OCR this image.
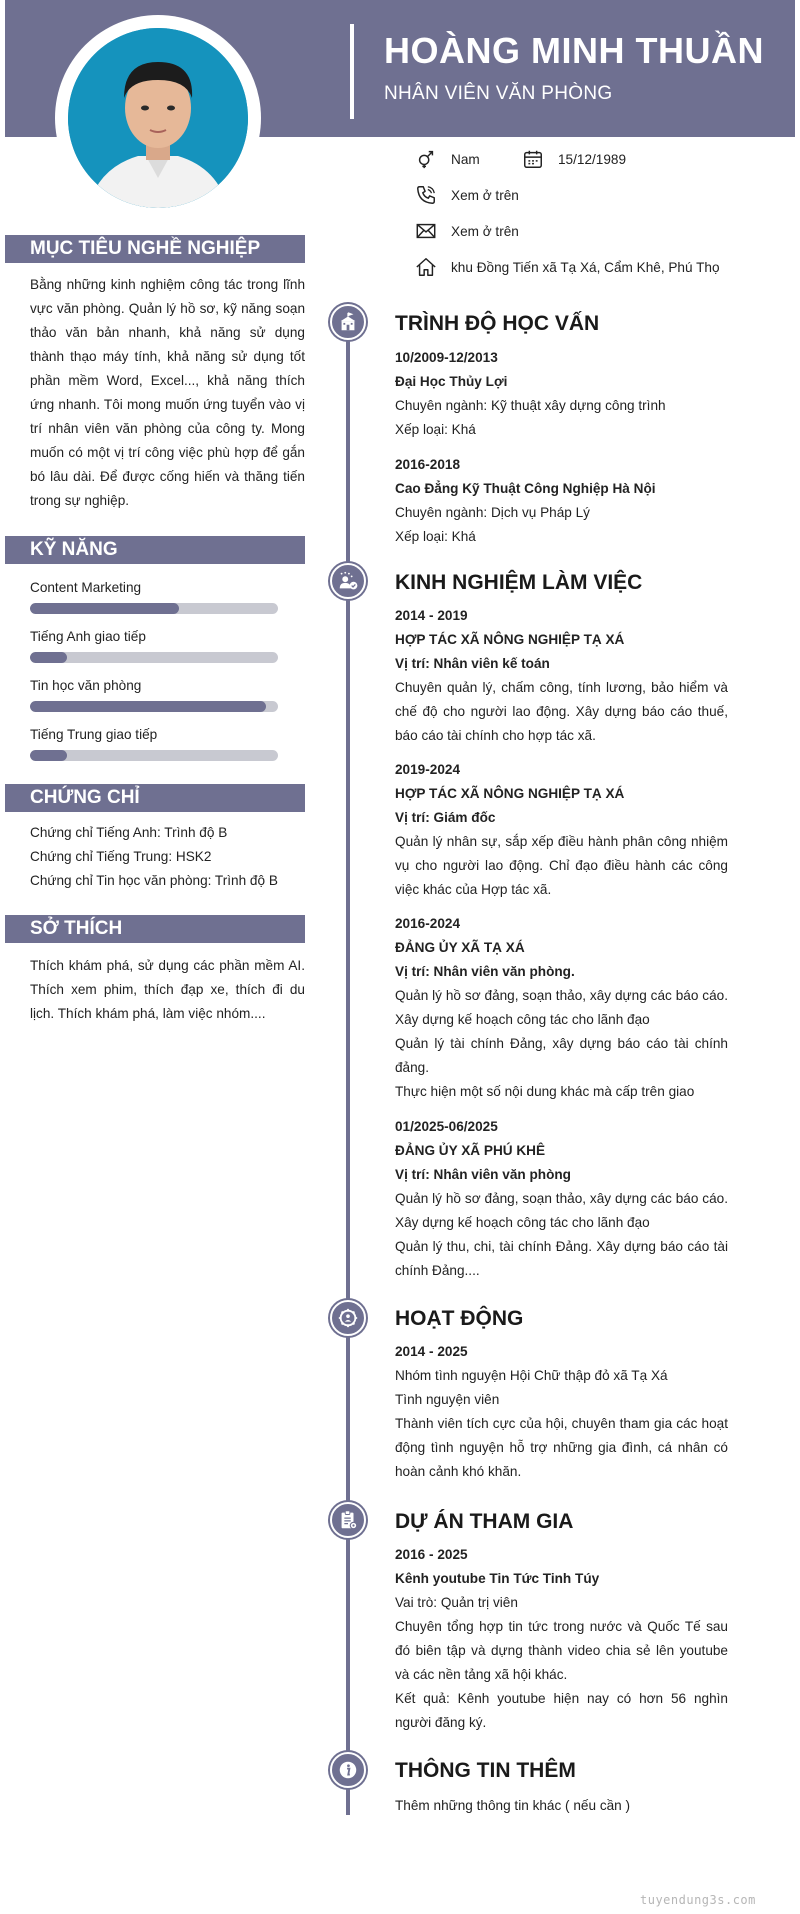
HOÀNG MINH THUẦN
NHÂN VIÊN VĂN PHÒNG
Nam	15/12/1989
Xem ở trên
Xem ở trên
khu Đồng Tiến xã Tạ Xá, Cẩm Khê, Phú Thọ
MỤC TIÊU NGHỀ NGHIỆP
Bằng những kinh nghiệm công tác trong lĩnh vực văn phòng. Quản lý hồ sơ, kỹ năng soạn thảo văn bản nhanh, khả năng sử dụng thành thạo máy tính, khả năng sử dụng tốt phần mềm Word, Excel..., khả năng thích ứng nhanh. Tôi mong muốn ứng tuyển vào vị trí nhân viên văn phòng của công ty. Mong muốn có một vị trí công việc phù hợp để gắn bó lâu dài. Để được cống hiến và thăng tiến trong sự nghiệp.
KỸ NĂNG
Content Marketing
Tiếng Anh giao tiếp
Tin học văn phòng
Tiếng Trung giao tiếp
CHỨNG CHỈ
Chứng chỉ Tiếng Anh: Trình độ B
Chứng chỉ Tiếng Trung: HSK2
Chứng chỉ Tin học văn phòng: Trình độ B
SỞ THÍCH
Thích khám phá, sử dụng các phần mềm AI. Thích xem phim, thích đạp xe, thích đi du lịch. Thích khám phá, làm việc nhóm....
TRÌNH ĐỘ HỌC VẤN
10/2009-12/2013
Đại Học Thủy Lợi
Chuyên ngành: Kỹ thuật xây dựng công trình
Xếp loại: Khá
2016-2018
Cao Đẳng Kỹ Thuật Công Nghiệp Hà Nội
Chuyên ngành: Dịch vụ Pháp Lý
Xếp loại: Khá
KINH NGHIỆM LÀM VIỆC
2014 - 2019
HỢP TÁC XÃ NÔNG NGHIỆP TẠ XÁ
Vị trí: Nhân viên kế toán
Chuyên quản lý, chấm công, tính lương, bảo hiểm và chế độ cho người lao động. Xây dựng báo cáo thuế, báo cáo tài chính cho hợp tác xã.
2019-2024
HỢP TÁC XÃ NÔNG NGHIỆP TẠ XÁ
Vị trí: Giám đốc
Quản lý nhân sự, sắp xếp điều hành phân công nhiệm vụ cho người lao động. Chỉ đạo điều hành các công việc khác của Hợp tác xã.
2016-2024
ĐẢNG ỦY XÃ TẠ XÁ
Vị trí: Nhân viên văn phòng.
Quản lý hồ sơ đảng, soạn thảo, xây dựng các báo cáo. Xây dựng kế hoạch công tác cho lãnh đạo
Quản lý tài chính Đảng, xây dựng báo cáo tài chính đảng.
Thực hiện một số nội dung khác mà cấp trên giao
01/2025-06/2025
ĐẢNG ỦY XÃ PHÚ KHÊ
Vị trí: Nhân viên văn phòng
Quản lý hồ sơ đảng, soạn thảo, xây dựng các báo cáo. Xây dựng kế hoạch công tác cho lãnh đạo
Quản lý thu, chi, tài chính Đảng. Xây dựng báo cáo tài chính Đảng....
HOẠT ĐỘNG
2014 - 2025
Nhóm tình nguyện Hội Chữ thập đỏ xã Tạ Xá
Tình nguyện viên
Thành viên tích cực của hội, chuyên tham gia các hoạt động tình nguyện hỗ trợ những gia đình, cá nhân có hoàn cảnh khó khăn.
DỰ ÁN THAM GIA
2016 - 2025
Kênh youtube Tin Tức Tinh Túy
Vai trò: Quản trị viên
Chuyên tổng hợp tin tức trong nước và Quốc Tế sau đó biên tập và dựng thành video chia sẻ lên youtube và các nền tảng xã hội khác.
Kết quả: Kênh youtube hiện nay có hơn 56 nghìn người đăng ký.
THÔNG TIN THÊM
Thêm những thông tin khác ( nếu cần )
tuyendung3s.com
